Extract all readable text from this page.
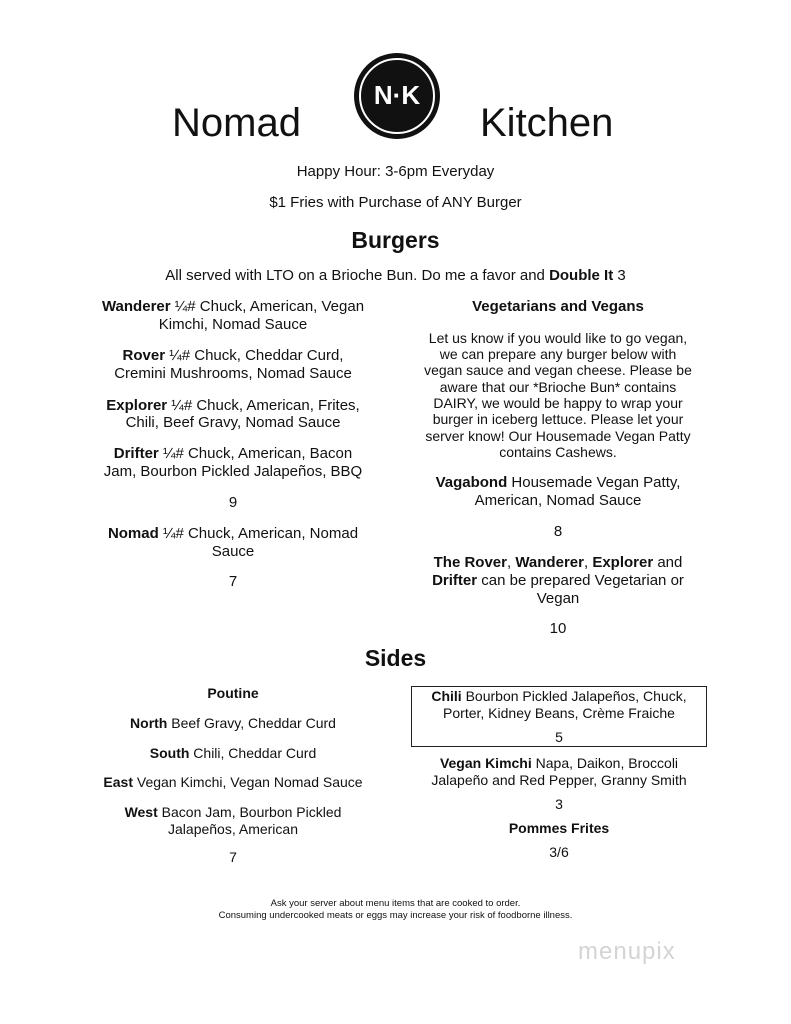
Nomad
N·K
Kitchen
Happy Hour: 3-6pm Everyday
$1 Fries with Purchase of ANY Burger
Burgers
All served with LTO on a Brioche Bun. Do me a favor and Double It 3
Wanderer ¼# Chuck, American, Vegan
Kimchi, Nomad Sauce
Rover ¼# Chuck, Cheddar Curd,
Cremini Mushrooms, Nomad Sauce
Explorer ¼# Chuck, American, Frites,
Chili, Beef Gravy, Nomad Sauce
Drifter ¼# Chuck, American, Bacon
Jam, Bourbon Pickled Jalapeños, BBQ
9
Nomad ¼# Chuck, American, Nomad
Sauce
7
Vegetarians and Vegans
Let us know if you would like to go vegan,
we can prepare any burger below with
vegan sauce and vegan cheese. Please be
aware that our *Brioche Bun* contains
DAIRY, we would be happy to wrap your
burger in iceberg lettuce. Please let your
server know! Our Housemade Vegan Patty
contains Cashews.
Vagabond Housemade Vegan Patty,
American, Nomad Sauce
8
The Rover, Wanderer, Explorer and
Drifter can be prepared Vegetarian or
Vegan
10
Sides
Poutine
North Beef Gravy, Cheddar Curd
South Chili, Cheddar Curd
East Vegan Kimchi, Vegan Nomad Sauce
West Bacon Jam, Bourbon Pickled
Jalapeños, American
7
Chili Bourbon Pickled Jalapeños, Chuck,
Porter, Kidney Beans, Crème Fraiche
5
Vegan Kimchi Napa, Daikon, Broccoli
Jalapeño and Red Pepper, Granny Smith
3
Pommes Frites
3/6
Ask your server about menu items that are cooked to order.
Consuming undercooked meats or eggs may increase your risk of foodborne illness.
menupix
